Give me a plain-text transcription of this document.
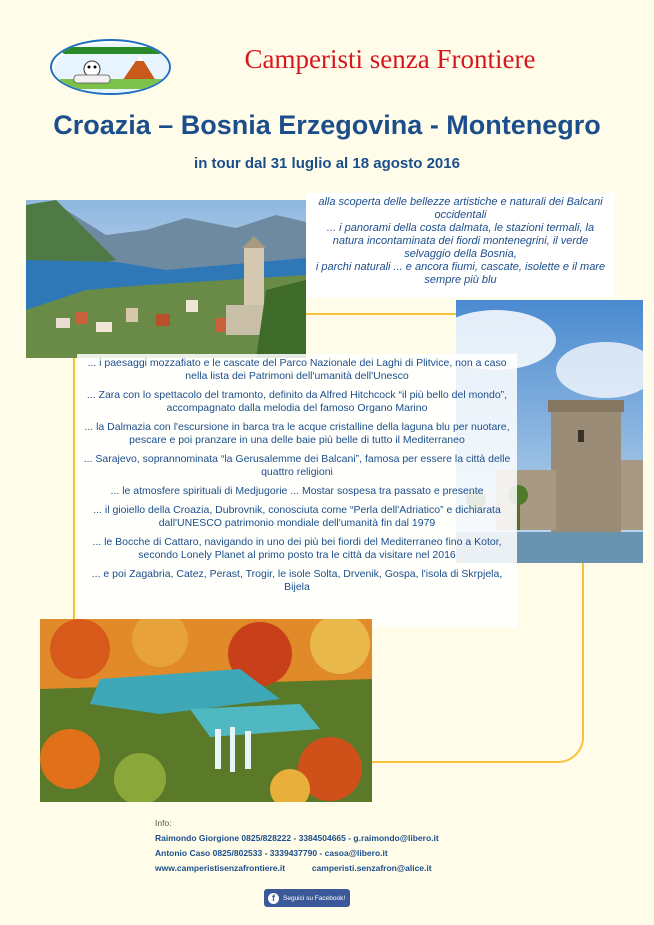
Camperisti senza Frontiere
Croazia – Bosnia Erzegovina - Montenegro
in tour dal 31 luglio al 18 agosto 2016

alla scoperta delle bellezze artistiche e naturali dei Balcani occidentali

... i panorami della costa dalmata, le stazioni termali, la natura incontaminata dei fiordi montenegrini, il verde selvaggio della Bosnia,

i parchi naturali ... e ancora fiumi, cascate, isolette e il mare sempre più blu

... i paesaggi mozzafiato e le cascate del Parco Nazionale dei Laghi di Plitvice, non a caso nella lista dei Patrimoni dell'umanità dell'Unesco

... Zara con lo spettacolo del tramonto, definito da Alfred Hitchcock “il più bello del mondo”, accompagnato dalla melodia del famoso Organo Marino

... la Dalmazia con l'escursione in barca tra le acque cristalline della laguna blu per nuotare, pescare e poi pranzare in una delle baie più belle di tutto il Mediterraneo

... Sarajevo, soprannominata “la Gerusalemme dei Balcani”, famosa per essere la città delle quattro religioni

... le atmosfere spirituali di Medjugorie ... Mostar sospesa tra passato e presente

... il gioiello della Croazia, Dubrovnik, conosciuta come “Perla dell'Adriatico” e dichiarata dall'UNESCO patrimonio mondiale dell'umanità fin dal 1979

... le Bocche di Cattaro, navigando in uno dei più bei fiordi del Mediterraneo fino a Kotor, secondo Lonely Planet al primo posto tra le città da visitare nel 2016

... e poi Zagabria, Catez, Perast, Trogir, le isole Solta, Drvenik, Gospa, l'isola di Skrpjela, Bijela

Info:
Raimondo Giorgione 0825/828222 - 3384504665 - g.raimondo@libero.it
Antonio Caso 0825/802533 - 3339437790 - casoa@libero.it
www.camperistisenzafrontiere.it	camperisti.senzafron@alice.it
f	Seguici su Facebook!
